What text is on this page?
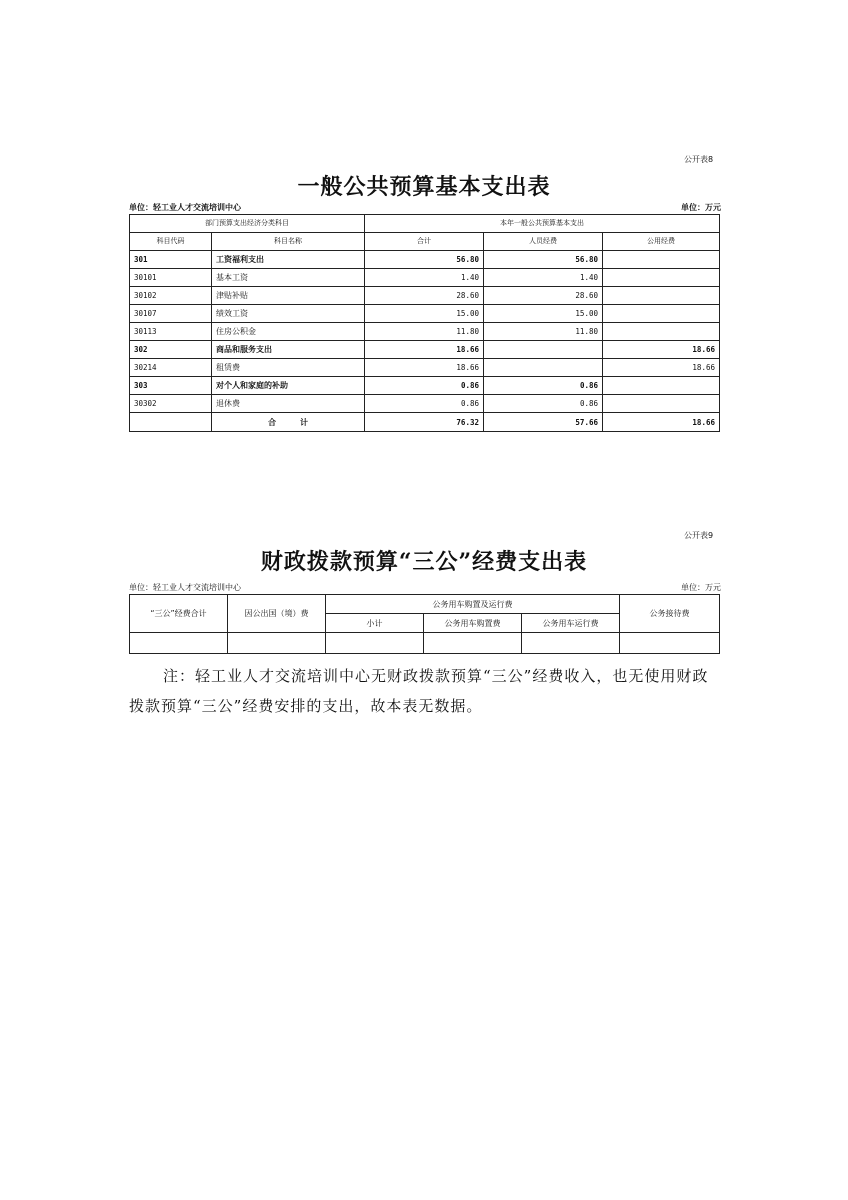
公开表8
一般公共预算基本支出表
单位：轻工业人才交流培训中心	单位：万元
部门预算支出经济分类科目		本年一般公共预算基本支出		
科目代码	科目名称	合计	人员经费	公用经费
301	工资福利支出	56.80	56.80	
30101	基本工资	1.40	1.40	
30102	津贴补贴	28.60	28.60	
30107	绩效工资	15.00	15.00	
30113	住房公积金	11.80	11.80	
302	商品和服务支出	18.66		18.66
30214	租赁费	18.66		18.66
303	对个人和家庭的补助	0.86	0.86	
30302	退休费	0.86	0.86	
	合　　　计	76.32	57.66	18.66
公开表9
财政拨款预算“三公”经费支出表
单位：轻工业人才交流培训中心	单位：万元
“三公”经费合计	因公出国（境）费	公务用车购置及运行费			公务接待费
		小计	公务用车购置费	公务用车运行费	

注：轻工业人才交流培训中心无财政拨款预算“三公”经费收入，也无使用财政拨款预算“三公”经费安排的支出，故本表无数据。
